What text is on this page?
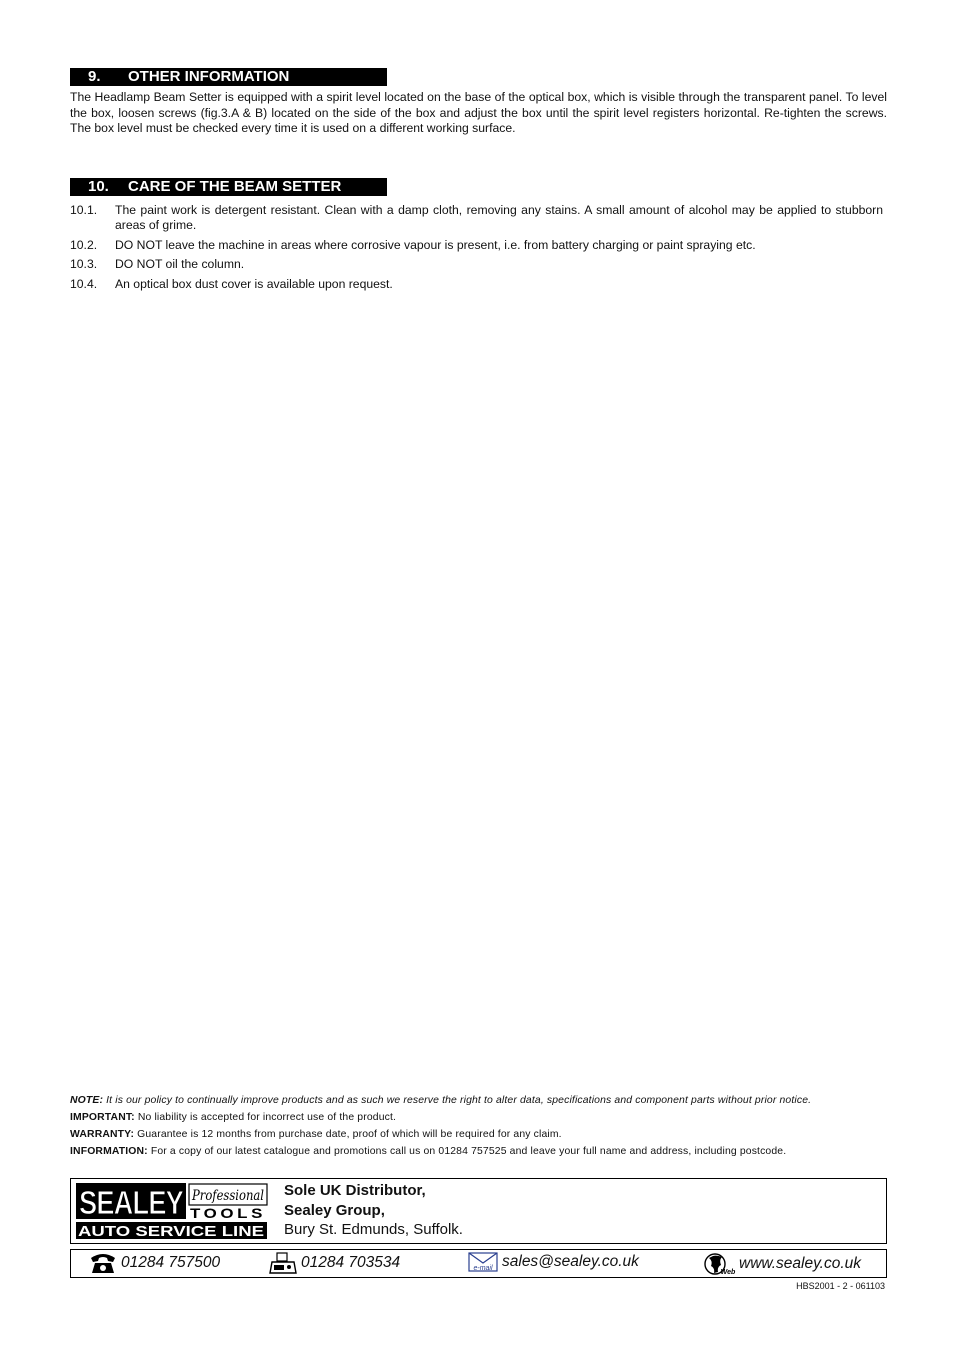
9. OTHER INFORMATION

The Headlamp Beam Setter is equipped with a spirit level located on the base of the optical box, which is visible through the transparent panel. To level the box, loosen screws (fig.3.A & B) located on the side of the box and adjust the box until the spirit level registers horizontal. Re-tighten the screws. The box level must be checked every time it is used on a different working surface.

10. CARE OF THE BEAM SETTER
10.1. The paint work is detergent resistant. Clean with a damp cloth, removing any stains. A small amount of alcohol may be applied to stubborn areas of grime.
10.2. DO NOT leave the machine in areas where corrosive vapour is present, i.e. from battery charging or paint spraying etc.
10.3. DO NOT oil the column.
10.4. An optical box dust cover is available upon request.
NOTE: It is our policy to continually improve products and as such we reserve the right to alter data, specifications and component parts without prior notice.
IMPORTANT: No liability is accepted for incorrect use of the product.
WARRANTY: Guarantee is 12 months from purchase date, proof of which will be required for any claim.
INFORMATION: For a copy of our latest catalogue and promotions call us on 01284 757525 and leave your full name and address, including postcode.
SEALEY Professional
TOOLS
AUTO SERVICE LINE
Sole UK Distributor,
Sealey Group,
Bury St. Edmunds, Suffolk.
01284 757500	01284 703534	e-mail sales@sealey.co.uk
Web
www.sealey.co.uk
HBS2001 - 2 - 061103
